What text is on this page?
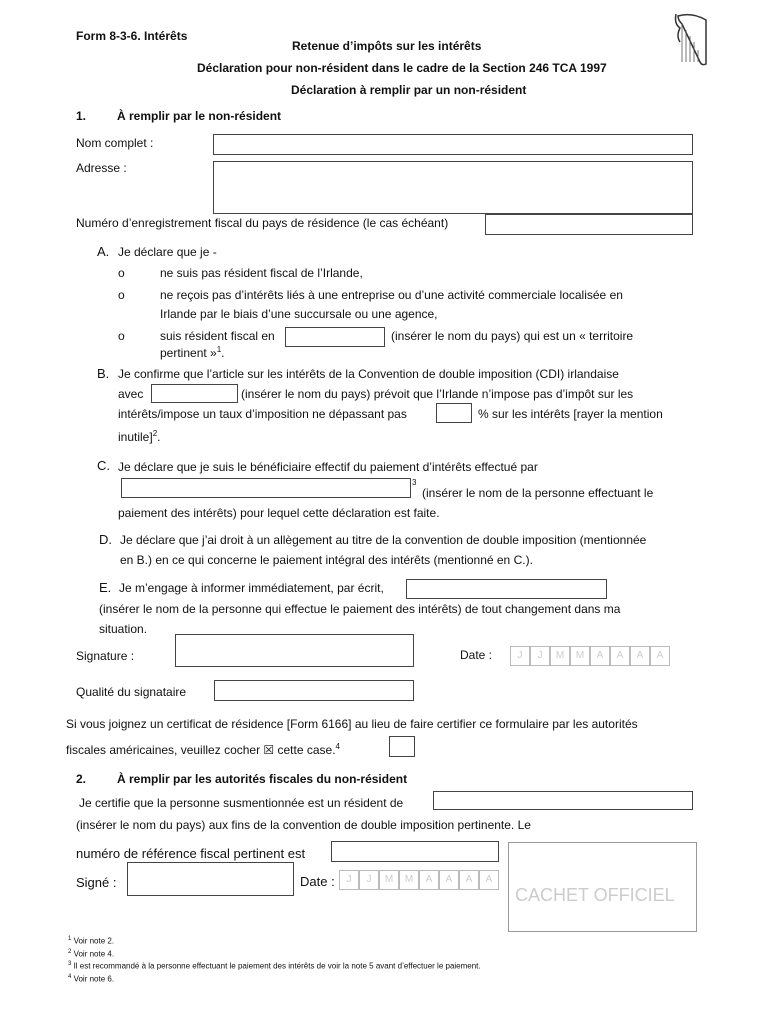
Form 8-3-6. Intérêts
Retenue d’impôts sur les intérêts
Déclaration pour non-résident dans le cadre de la Section 246 TCA 1997
Déclaration à remplir par un non-résident
1.	À remplir par le non-résident
Nom complet :
Adresse :
Numéro d’enregistrement fiscal du pays de résidence (le cas échéant)
A. Je déclare que je -
o	ne suis pas résident fiscal de l’Irlande,
o	ne reçois pas d’intérêts liés à une entreprise ou d’une activité commerciale localisée en
Irlande par le biais d’une succursale ou une agence,
o	suis résident fiscal en	(insérer le nom du pays) qui est un « territoire
pertinent »$^1$.
B. Je confirme que l’article sur les intérêts de la Convention de double imposition (CDI) irlandaise
avec	(insérer le nom du pays) prévoit que l’Irlande n’impose pas d’impôt sur les
intérêts/impose un taux d’imposition ne dépassant pas	% sur les intérêts [rayer la mention
inutile]$^2$.
C. Je déclare que je suis le bénéficiaire effectif du paiement d’intérêts effectué par
3
(insérer le nom de la personne effectuant le
paiement des intérêts) pour lequel cette déclaration est faite.
D. Je déclare que j’ai droit à un allègement au titre de la convention de double imposition (mentionnée
en B.) en ce qui concerne le paiement intégral des intérêts (mentionné en C.).
E. Je m’engage à informer immédiatement, par écrit,
(insérer le nom de la personne qui effectue le paiement des intérêts) de tout changement dans ma
situation.
Signature :	Date :	J	J	M	M	A	A	A	A
Qualité du signataire
Si vous joignez un certificat de résidence [Form 6166] au lieu de faire certifier ce formulaire par les autorités
fiscales américaines, veuillez cocher ☒ cette case.$^4$
2.	À remplir par les autorités fiscales du non-résident
Je certifie que la personne susmentionnée est un résident de
(insérer le nom du pays) aux fins de la convention de double imposition pertinente. Le
numéro de référence fiscal pertinent est
Signé :	Date :	J	J	M	M	A	A	A	A
CACHET OFFICIEL
$^1$ Voir note 2.
$^2$ Voir note 4.
$^3$ Il est recommandé à la personne effectuant le paiement des intérêts de voir la note 5 avant d’effectuer le paiement.
$^4$ Voir note 6.
